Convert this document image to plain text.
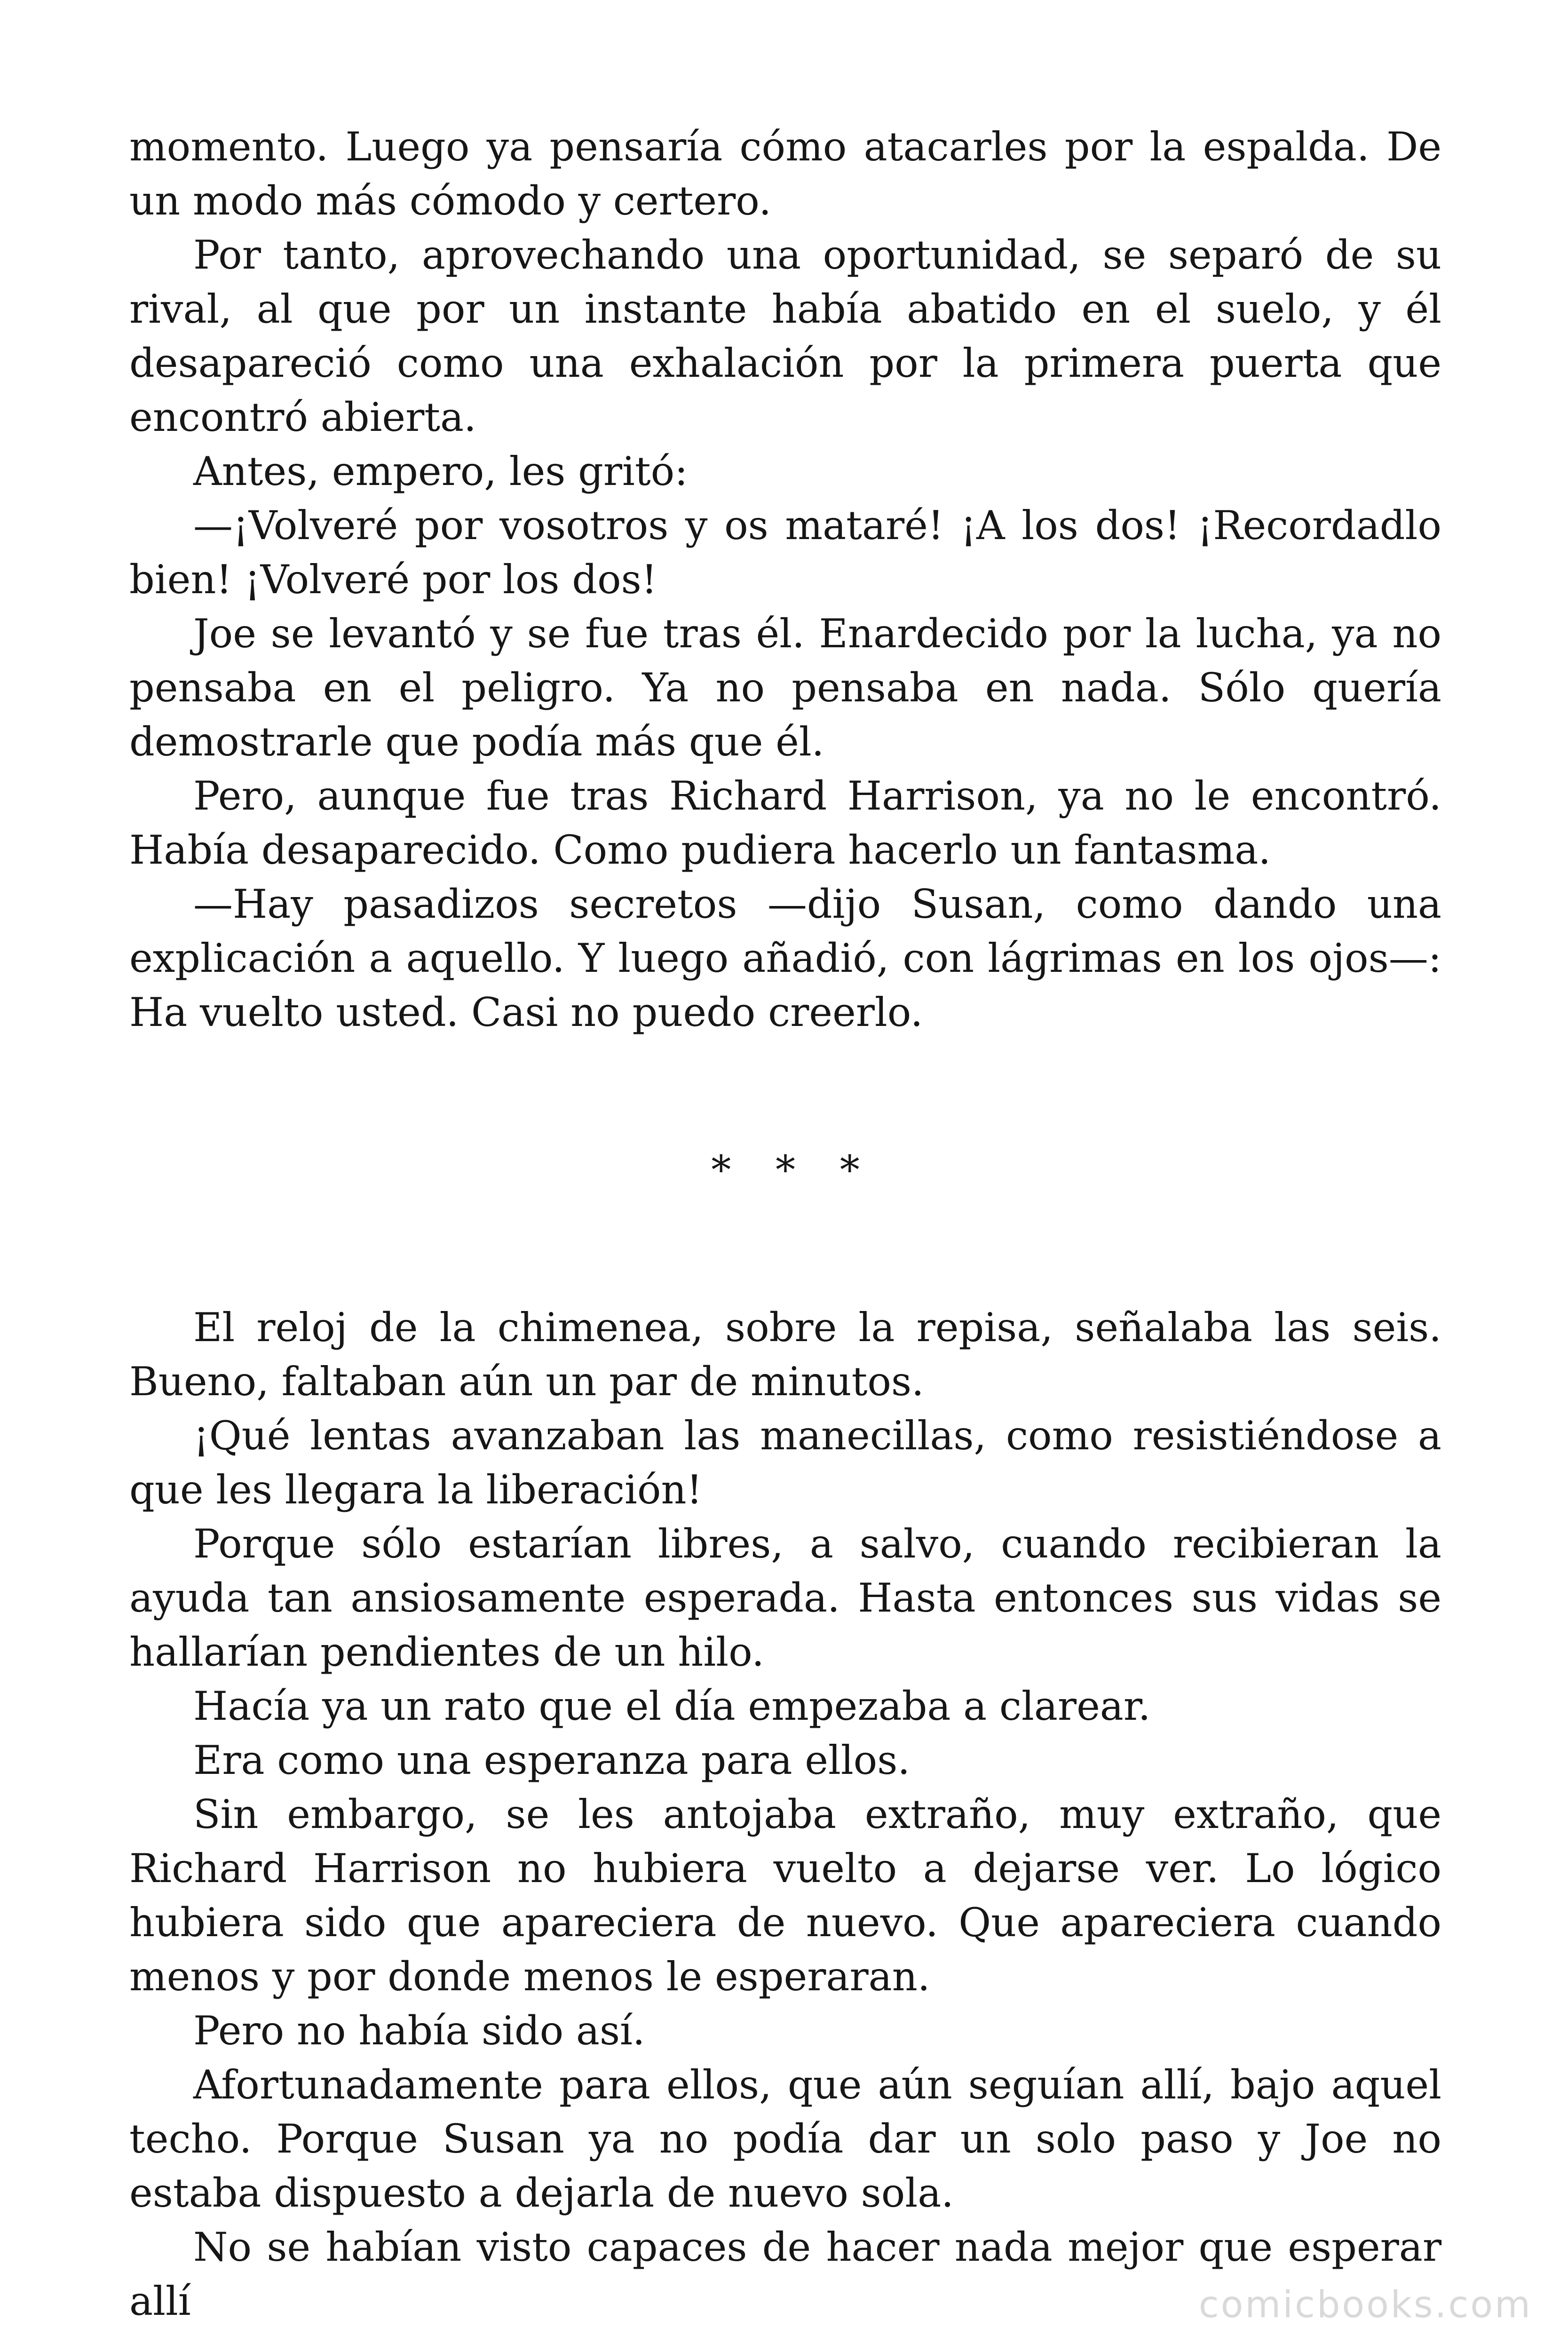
momento. Luego ya pensaría cómo atacarles por la espalda. De un modo más cómodo y certero.

Por tanto, aprovechando una oportunidad, se separó de su rival, al que por un instante había abatido en el suelo, y él desapareció como una exhalación por la primera puerta que encontró abierta.

Antes, empero, les gritó:

—¡Volveré por vosotros y os mataré! ¡A los dos! ¡Recordadlo bien! ¡Volveré por los dos!

Joe se levantó y se fue tras él. Enardecido por la lucha, ya no pensaba en el peligro. Ya no pensaba en nada. Sólo quería demostrarle que podía más que él.

Pero, aunque fue tras Richard Harrison, ya no le encontró. Había desaparecido. Como pudiera hacerlo un fantasma.

—Hay pasadizos secretos —dijo Susan, como dando una explicación a aquello. Y luego añadió, con lágrimas en los ojos—: Ha vuelto usted. Casi no puedo creerlo.

* * *

El reloj de la chimenea, sobre la repisa, señalaba las seis. Bueno, faltaban aún un par de minutos.

¡Qué lentas avanzaban las manecillas, como resistiéndose a que les llegara la liberación!

Porque sólo estarían libres, a salvo, cuando recibieran la ayuda tan ansiosamente esperada. Hasta entonces sus vidas se hallarían pendientes de un hilo.

Hacía ya un rato que el día empezaba a clarear.

Era como una esperanza para ellos.

Sin embargo, se les antojaba extraño, muy extraño, que Richard Harrison no hubiera vuelto a dejarse ver. Lo lógico hubiera sido que apareciera de nuevo. Que apareciera cuando menos y por donde menos le esperaran.

Pero no había sido así.

Afortunadamente para ellos, que aún seguían allí, bajo aquel techo. Porque Susan ya no podía dar un solo paso y Joe no estaba dispuesto a dejarla de nuevo sola.

No se habían visto capaces de hacer nada mejor que esperar allí	comicbooks.com
